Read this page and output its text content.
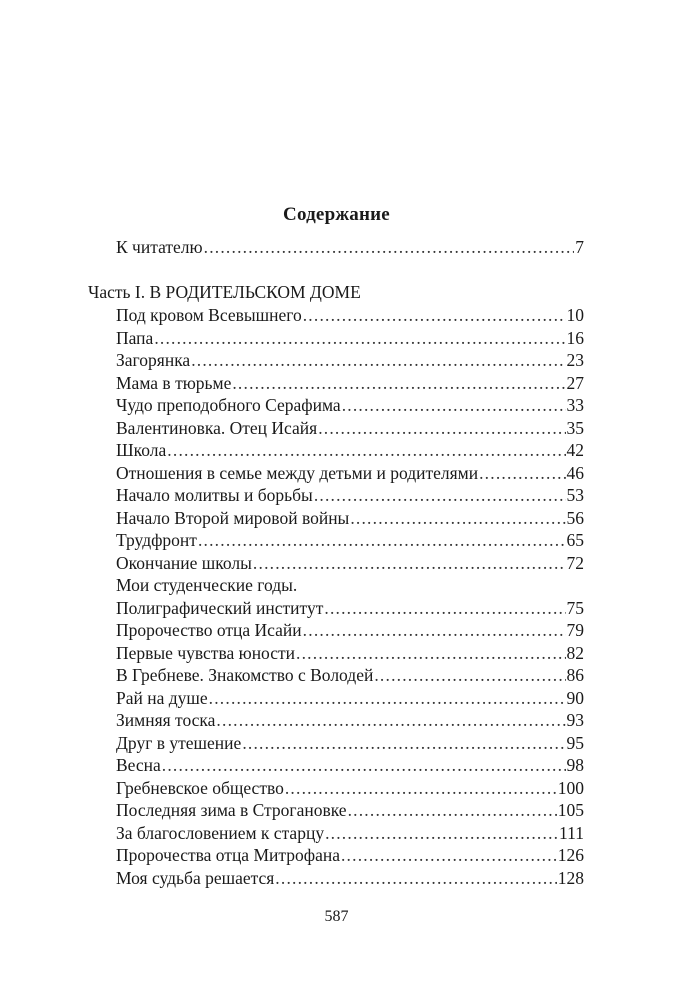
Содержание
К читателю .....	7
Часть I. В РОДИТЕЛЬСКОМ ДОМЕ
Под кровом Всевышнего .....	10
Папа .....	16
Загорянка .....	23
Мама в тюрьме .....	27
Чудо преподобного Серафима .....	33
Валентиновка. Отец Исайя .....	35
Школа .....	42
Отношения в семье между детьми и родителями .....	46
Начало молитвы и борьбы .....	53
Начало Второй мировой войны .....	56
Трудфронт .....	65
Окончание школы .....	72
Мои студенческие годы.
Полиграфический институт .....	75
Пророчество отца Исайи .....	79
Первые чувства юности .....	82
В Гребневе. Знакомство с Володей .....	86
Рай на душе .....	90
Зимняя тоска .....	93
Друг в утешение .....	95
Весна .....	98
Гребневское общество .....	100
Последняя зима в Строгановке .....	105
За благословением к старцу .....	111
Пророчества отца Митрофана .....	126
Моя судьба решается .....	128
587
